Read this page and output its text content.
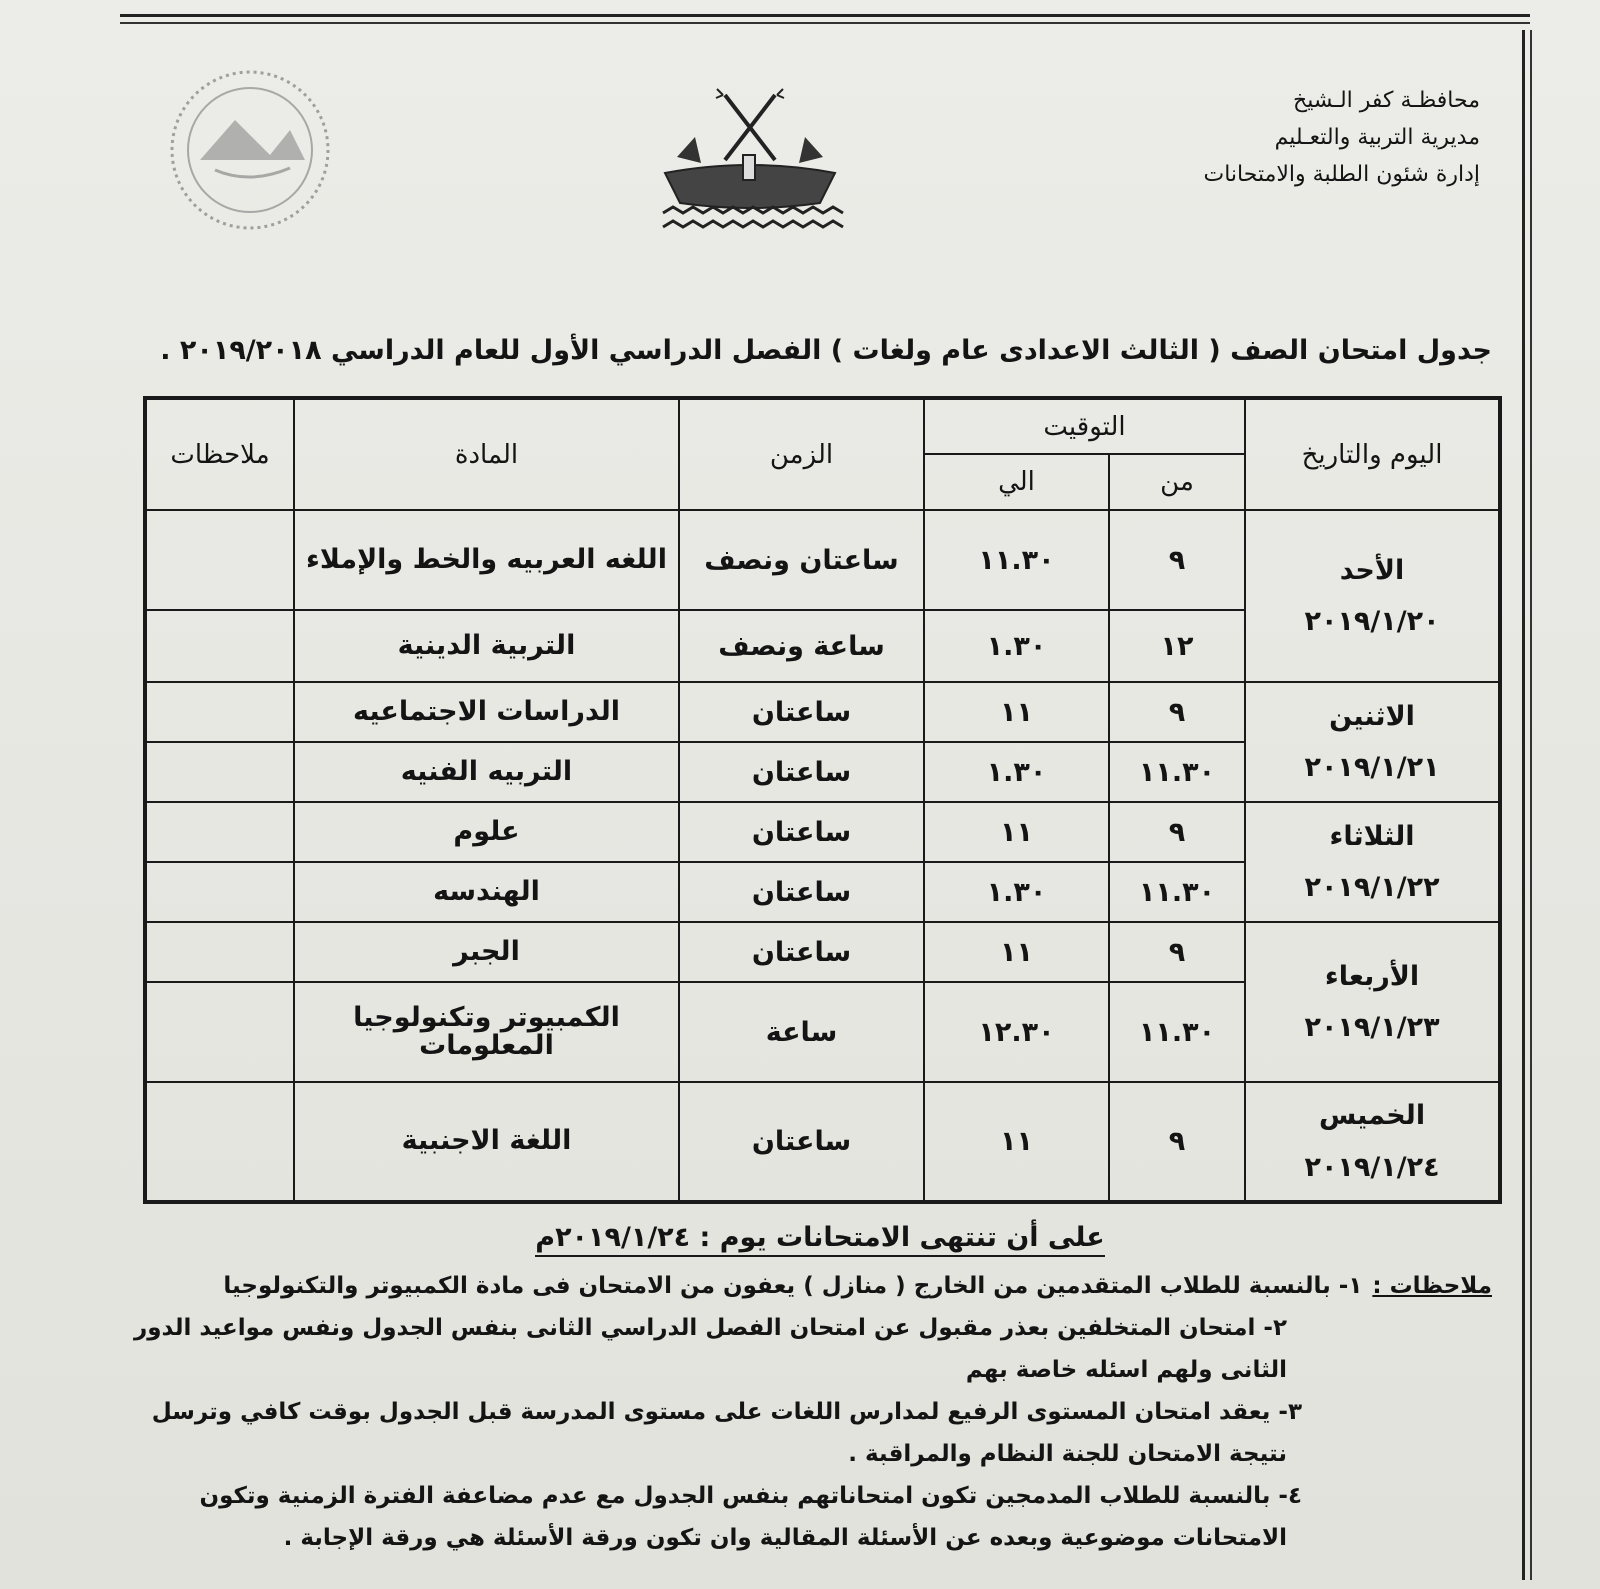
محافظـة كفر الـشيخ
مديرية التربية والتعـليم
إدارة شئون الطلبة والامتحانات
جدول امتحان الصف ( الثالث الاعدادى عام ولغات ) الفصل الدراسي الأول للعام الدراسي ٢٠١٩/٢٠١٨ .
اليوم والتاريخ	التوقيت		الزمن	المادة	ملاحظات
	من	الي			

الأحد
٢٠١٩/١/٢٠	٩	١١.٣٠	ساعتان ونصف	اللغه العربيه والخط والإملاء	
	١٢	١.٣٠	ساعة ونصف	التربية الدينية	

الاثنين
٢٠١٩/١/٢١	٩	١١	ساعتان	الدراسات الاجتماعيه	
	١١.٣٠	١.٣٠	ساعتان	التربيه الفنيه	

الثلاثاء
٢٠١٩/١/٢٢	٩	١١	ساعتان	علوم	
	١١.٣٠	١.٣٠	ساعتان	الهندسه	

الأربعاء
٢٠١٩/١/٢٣	٩	١١	ساعتان	الجبر	
	١١.٣٠	١٢.٣٠	ساعة	الكمبيوتر وتكنولوجيا المعلومات	

الخميس
٢٠١٩/١/٢٤	٩	١١	ساعتان	اللغة الاجنبية	
على أن تنتهى الامتحانات يوم : ٢٠١٩/١/٢٤م
ملاحظات :١- بالنسبة للطلاب المتقدمين من الخارج ( منازل ) يعفون من الامتحان فى مادة الكمبيوتر والتكنولوجيا
٢- امتحان المتخلفين بعذر مقبول عن امتحان الفصل الدراسي الثانى بنفس الجدول ونفس مواعيد الدور
الثانى ولهم اسئله خاصة بهم
٣- يعقد امتحان المستوى الرفيع لمدارس اللغات على مستوى المدرسة قبل الجدول بوقت كافي وترسل
نتيجة الامتحان للجنة النظام والمراقبة .
٤- بالنسبة للطلاب المدمجين تكون امتحاناتهم بنفس الجدول مع عدم مضاعفة الفترة الزمنية وتكون
الامتحانات موضوعية وبعده عن الأسئلة المقالية وان تكون ورقة الأسئلة هي ورقة الإجابة .
